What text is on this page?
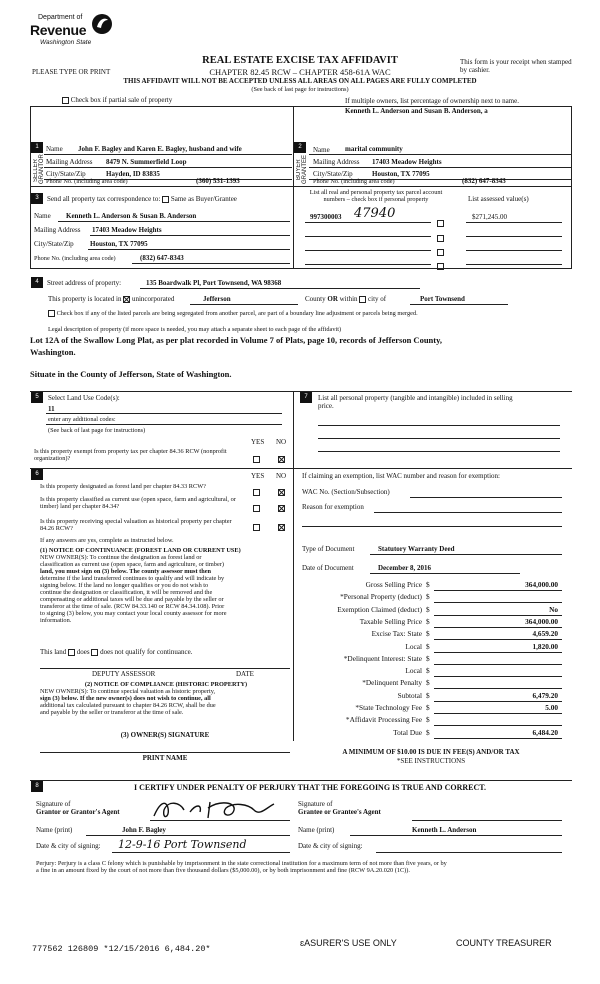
Department of
Revenue
Washington State
PLEASE TYPE OR PRINT
REAL ESTATE EXCISE TAX AFFIDAVIT
CHAPTER 82.45 RCW – CHAPTER 458-61A WAC
This form is your receipt when stamped by cashier.
THIS AFFIDAVIT WILL NOT BE ACCEPTED UNLESS ALL AREAS ON ALL PAGES ARE FULLY COMPLETED
(See back of last page for instructions)
Check box if partial sale of property	If multiple owners, list percentage of ownership next to name.
1
SELLER GRANTOR
Name John F. Bagley and Karen E. Bagley, husband and wife
Mailing Address 8479 N. Summerfield Loop
City/State/Zip	Hayden, ID 83835
Phone No. (including area code)	(360) 531-1393
2
BUYER GRANTEE
Name
Kenneth L. Anderson and Susan B. Anderson, a
marital community
Mailing Address 17403 Meadow Heights
City/State/Zip	Houston, TX 77095
Phone No. (including area code)	(832) 647-8343
3	Send all property tax correspondence to: Same as Buyer/Grantee
Name Kenneth L. Anderson & Susan B. Anderson
Mailing Address 17403 Meadow Heights
City/State/Zip Houston, TX 77095
Phone No. (including area code)	(832) 647-8343
List all real and personal property tax parcel account
numbers – check box if personal property	List assessed value(s)
997300003 47940	$271,245.00
4	Street address of property:	135 Boardwalk Pl, Port Townsend, WA 98368
This property is located in unincorporated	Jefferson	County OR within city of	Port Townsend
Check box if any of the listed parcels are being segregated from another parcel, are part of a boundary line adjustment or parcels being merged.
Legal description of property (if more space is needed, you may attach a separate sheet to each page of the affidavit)
Lot 12A of the Swallow Long Plat, as per plat recorded in Volume 7 of Plats, page 10, records of Jefferson County,
Washington.
Situate in the County of Jefferson, State of Washington.
5	Select Land Use Code(s):
11
enter any additional codes:
(See back of last page for instructions)
YES NO
Is this property exempt from property tax per chapter 84.36 RCW (nonprofit organization)?
7	List all personal property (tangible and intangible) included in selling
price.
6	YES NO
Is this property designated as forest land per chapter 84.33 RCW?
Is this property classified as current use (open space, farm and agricultural, or timber) land per chapter 84.34?
Is this property receiving special valuation as historical property per chapter 84.26 RCW?
If any answers are yes, complete as instructed below.
(1) NOTICE OF CONTINUANCE (FOREST LAND OR CURRENT USE)
NEW OWNER(S): To continue the designation as forest land or
classification as current use (open space, farm and agriculture, or timber)
land, you must sign on (3) below. The county assessor must then
determine if the land transferred continues to qualify and will indicate by
signing below. If the land no longer qualifies or you do not wish to
continue the designation or classification, it will be removed and the
compensating or additional taxes will be due and payable by the seller or
transferor at the time of sale. (RCW 84.33.140 or RCW 84.34.108). Prior
to signing (3) below, you may contact your local county assessor for more
information.
This land does does not qualify for continuance.
DEPUTY ASSESSOR	DATE
(2) NOTICE OF COMPLIANCE (HISTORIC PROPERTY)
NEW OWNER(S): To continue special valuation as historic property,
sign (3) below. If the new owner(s) does not wish to continue, all
additional tax calculated pursuant to chapter 84.26 RCW, shall be due
and payable by the seller or transferor at the time of sale.
(3) OWNER(S) SIGNATURE
PRINT NAME
If claiming an exemption, list WAC number and reason for exemption:
WAC No. (Section/Subsection)
Reason for exemption
Type of Document	Statutory Warranty Deed
Date of Document	December 8, 2016
Gross Selling Price $	364,000.00
*Personal Property (deduct) $
Exemption Claimed (deduct) $	No
Taxable Selling Price $	364,000.00
Excise Tax: State $	4,659.20
Local $	1,820.00
*Delinquent Interest: State $
Local $
*Delinquent Penalty $
Subtotal $	6,479.20
*State Technology Fee $	5.00
*Affidavit Processing Fee $
Total Due $	6,484.20
A MINIMUM OF $10.00 IS DUE IN FEE(S) AND/OR TAX
*SEE INSTRUCTIONS
8	I CERTIFY UNDER PENALTY OF PERJURY THAT THE FOREGOING IS TRUE AND CORRECT.
Signature of
Grantor or Grantor's Agent
Name (print)	John F. Bagley
Date & city of signing: 12-9-16 Port Townsend
Signature of
Grantee or Grantee's Agent
Name (print)	Kenneth L. Anderson
Date & city of signing:
Perjury: Perjury is a class C felony which is punishable by imprisonment in the state correctional institution for a maximum term of not more than five years, or by
a fine in an amount fixed by the court of not more than five thousand dollars ($5,000.00), or by both imprisonment and fine (RCW 9A.20.020 (1C)).
777562 126809 *12/15/2016 6,484.20*
ɛASURER'S USE ONLY	COUNTY TREASURER
